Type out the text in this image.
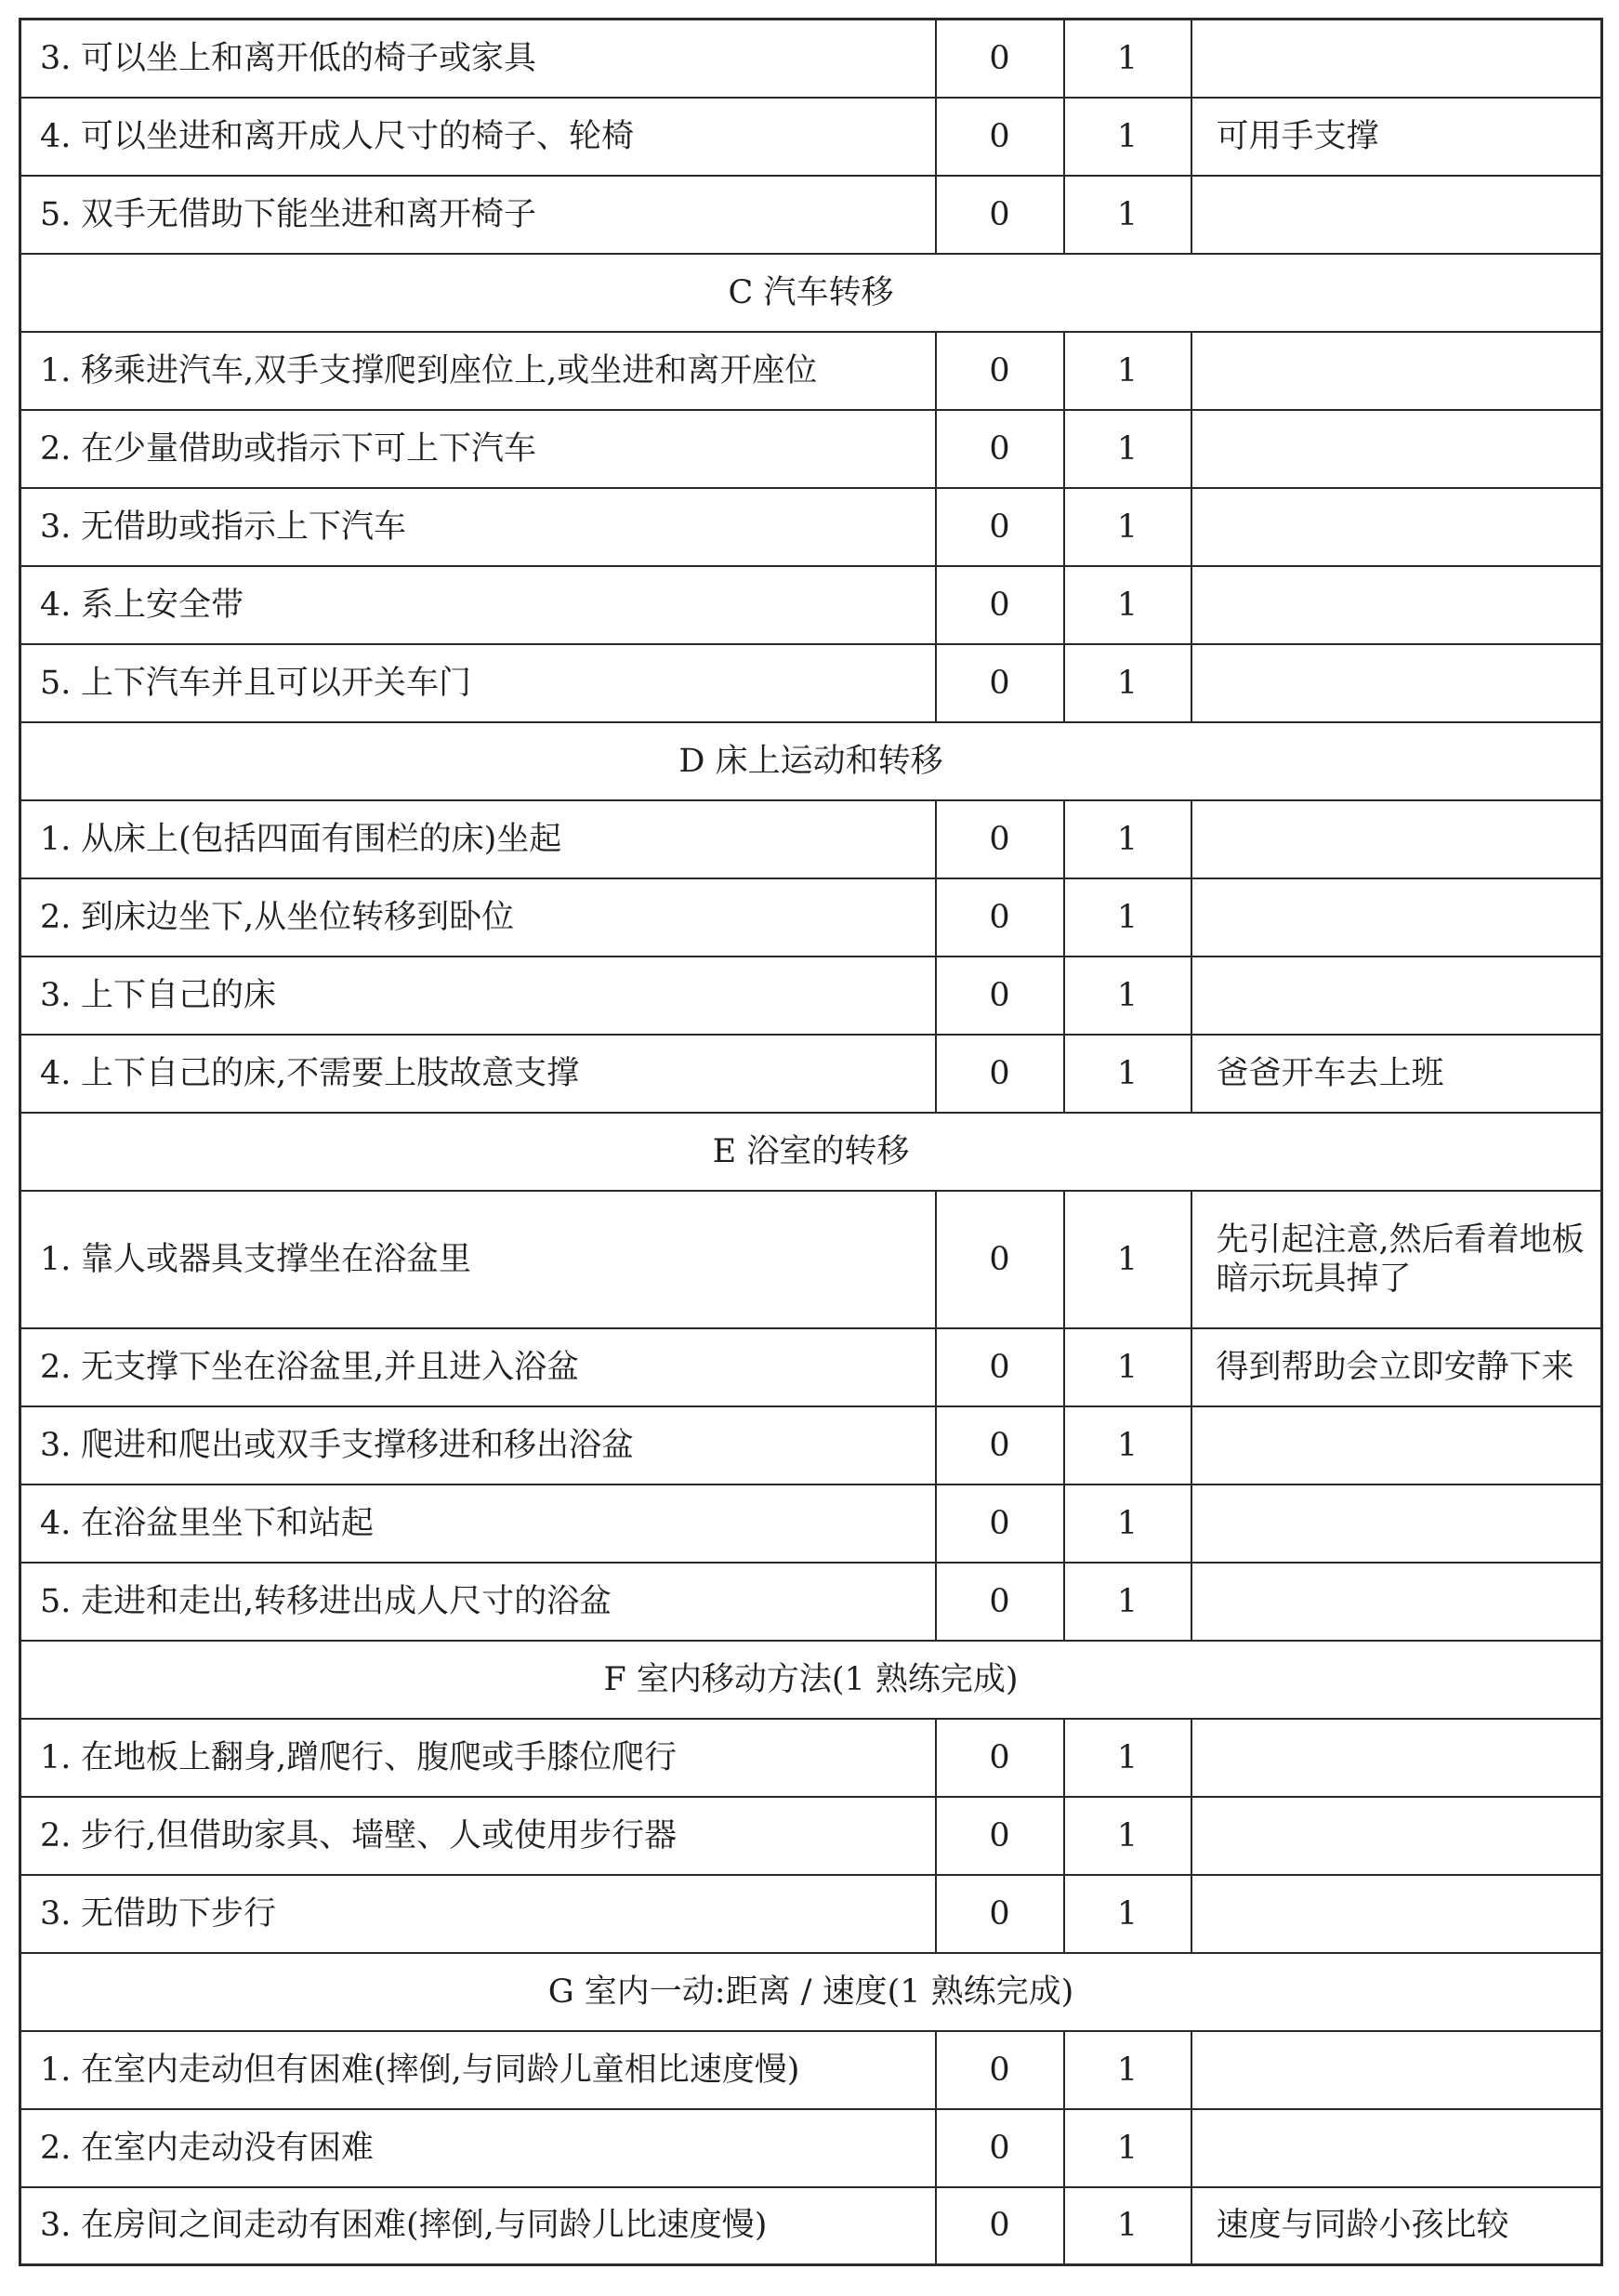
3. 可以坐上和离开低的椅子或家具	0	1	
4. 可以坐进和离开成人尺寸的椅子、轮椅	0	1	可用手支撑
5. 双手无借助下能坐进和离开椅子	0	1	
C 汽车转移			
1. 移乘进汽车,双手支撑爬到座位上,或坐进和离开座位	0	1	
2. 在少量借助或指示下可上下汽车	0	1	
3. 无借助或指示上下汽车	0	1	
4. 系上安全带	0	1	
5. 上下汽车并且可以开关车门	0	1	
D 床上运动和转移			
1. 从床上(包括四面有围栏的床)坐起	0	1	
2. 到床边坐下,从坐位转移到卧位	0	1	
3. 上下自己的床	0	1	
4. 上下自己的床,不需要上肢故意支撑	0	1	爸爸开车去上班
E 浴室的转移			
1. 靠人或器具支撑坐在浴盆里	0	1	先引起注意,然后看着地板暗示玩具掉了
2. 无支撑下坐在浴盆里,并且进入浴盆	0	1	得到帮助会立即安静下来
3. 爬进和爬出或双手支撑移进和移出浴盆	0	1	
4. 在浴盆里坐下和站起	0	1	
5. 走进和走出,转移进出成人尺寸的浴盆	0	1	
F 室内移动方法(1 熟练完成)			
1. 在地板上翻身,蹭爬行、腹爬或手膝位爬行	0	1	
2. 步行,但借助家具、墙壁、人或使用步行器	0	1	
3. 无借助下步行	0	1	
G 室内一动:距离 / 速度(1 熟练完成)			
1. 在室内走动但有困难(摔倒,与同龄儿童相比速度慢)	0	1	
2. 在室内走动没有困难	0	1	
3. 在房间之间走动有困难(摔倒,与同龄儿比速度慢)	0	1	速度与同龄小孩比较
